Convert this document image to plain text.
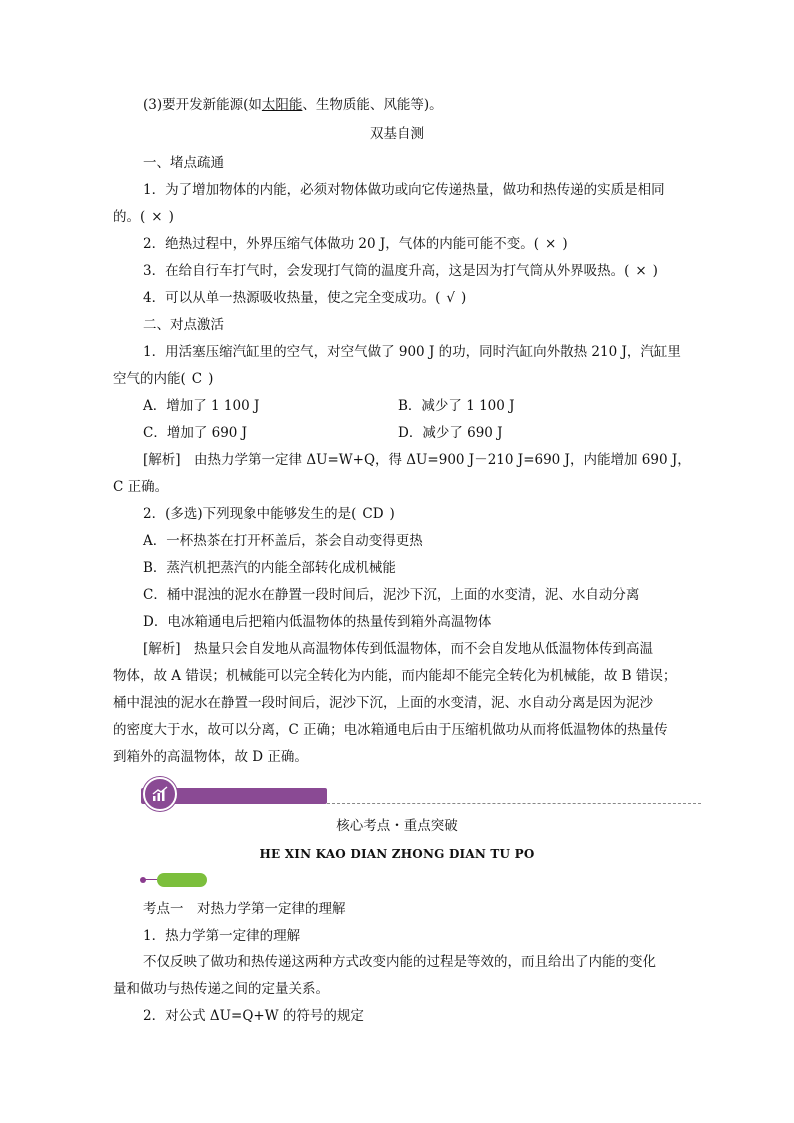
(3)要开发新能源(如太阳能、生物质能、风能等)。
双基自测
一、堵点疏通
1．为了增加物体的内能，必须对物体做功或向它传递热量，做功和热传递的实质是相同
的。( × )
2．绝热过程中，外界压缩气体做功 20 J，气体的内能可能不变。( × )
3．在给自行车打气时，会发现打气筒的温度升高，这是因为打气筒从外界吸热。( × )
4．可以从单一热源吸收热量，使之完全变成功。( √ )
二、对点激活
1．用活塞压缩汽缸里的空气，对空气做了 900 J 的功，同时汽缸向外散热 210 J，汽缸里
空气的内能( C )
A．增加了 1 100 J	B．减少了 1 100 J
C．增加了 690 J	D．减少了 690 J
[解析]　由热力学第一定律 ΔU=W+Q，得 ΔU=900 J－210 J=690 J，内能增加 690 J，
C 正确。
2．(多选)下列现象中能够发生的是( CD )
A．一杯热茶在打开杯盖后，茶会自动变得更热
B．蒸汽机把蒸汽的内能全部转化成机械能
C．桶中混浊的泥水在静置一段时间后，泥沙下沉，上面的水变清，泥、水自动分离
D．电冰箱通电后把箱内低温物体的热量传到箱外高温物体
[解析]　热量只会自发地从高温物体传到低温物体，而不会自发地从低温物体传到高温
物体，故 A 错误；机械能可以完全转化为内能，而内能却不能完全转化为机械能，故 B 错误；
桶中混浊的泥水在静置一段时间后，泥沙下沉，上面的水变清，泥、水自动分离是因为泥沙
的密度大于水，故可以分离，C 正确；电冰箱通电后由于压缩机做功从而将低温物体的热量传
到箱外的高温物体，故 D 正确。
核心考点・重点突破
HE XIN KAO DIAN ZHONG DIAN TU PO
考点一　对热力学第一定律的理解
1．热力学第一定律的理解
不仅反映了做功和热传递这两种方式改变内能的过程是等效的，而且给出了内能的变化
量和做功与热传递之间的定量关系。
2．对公式 ΔU=Q+W 的符号的规定
